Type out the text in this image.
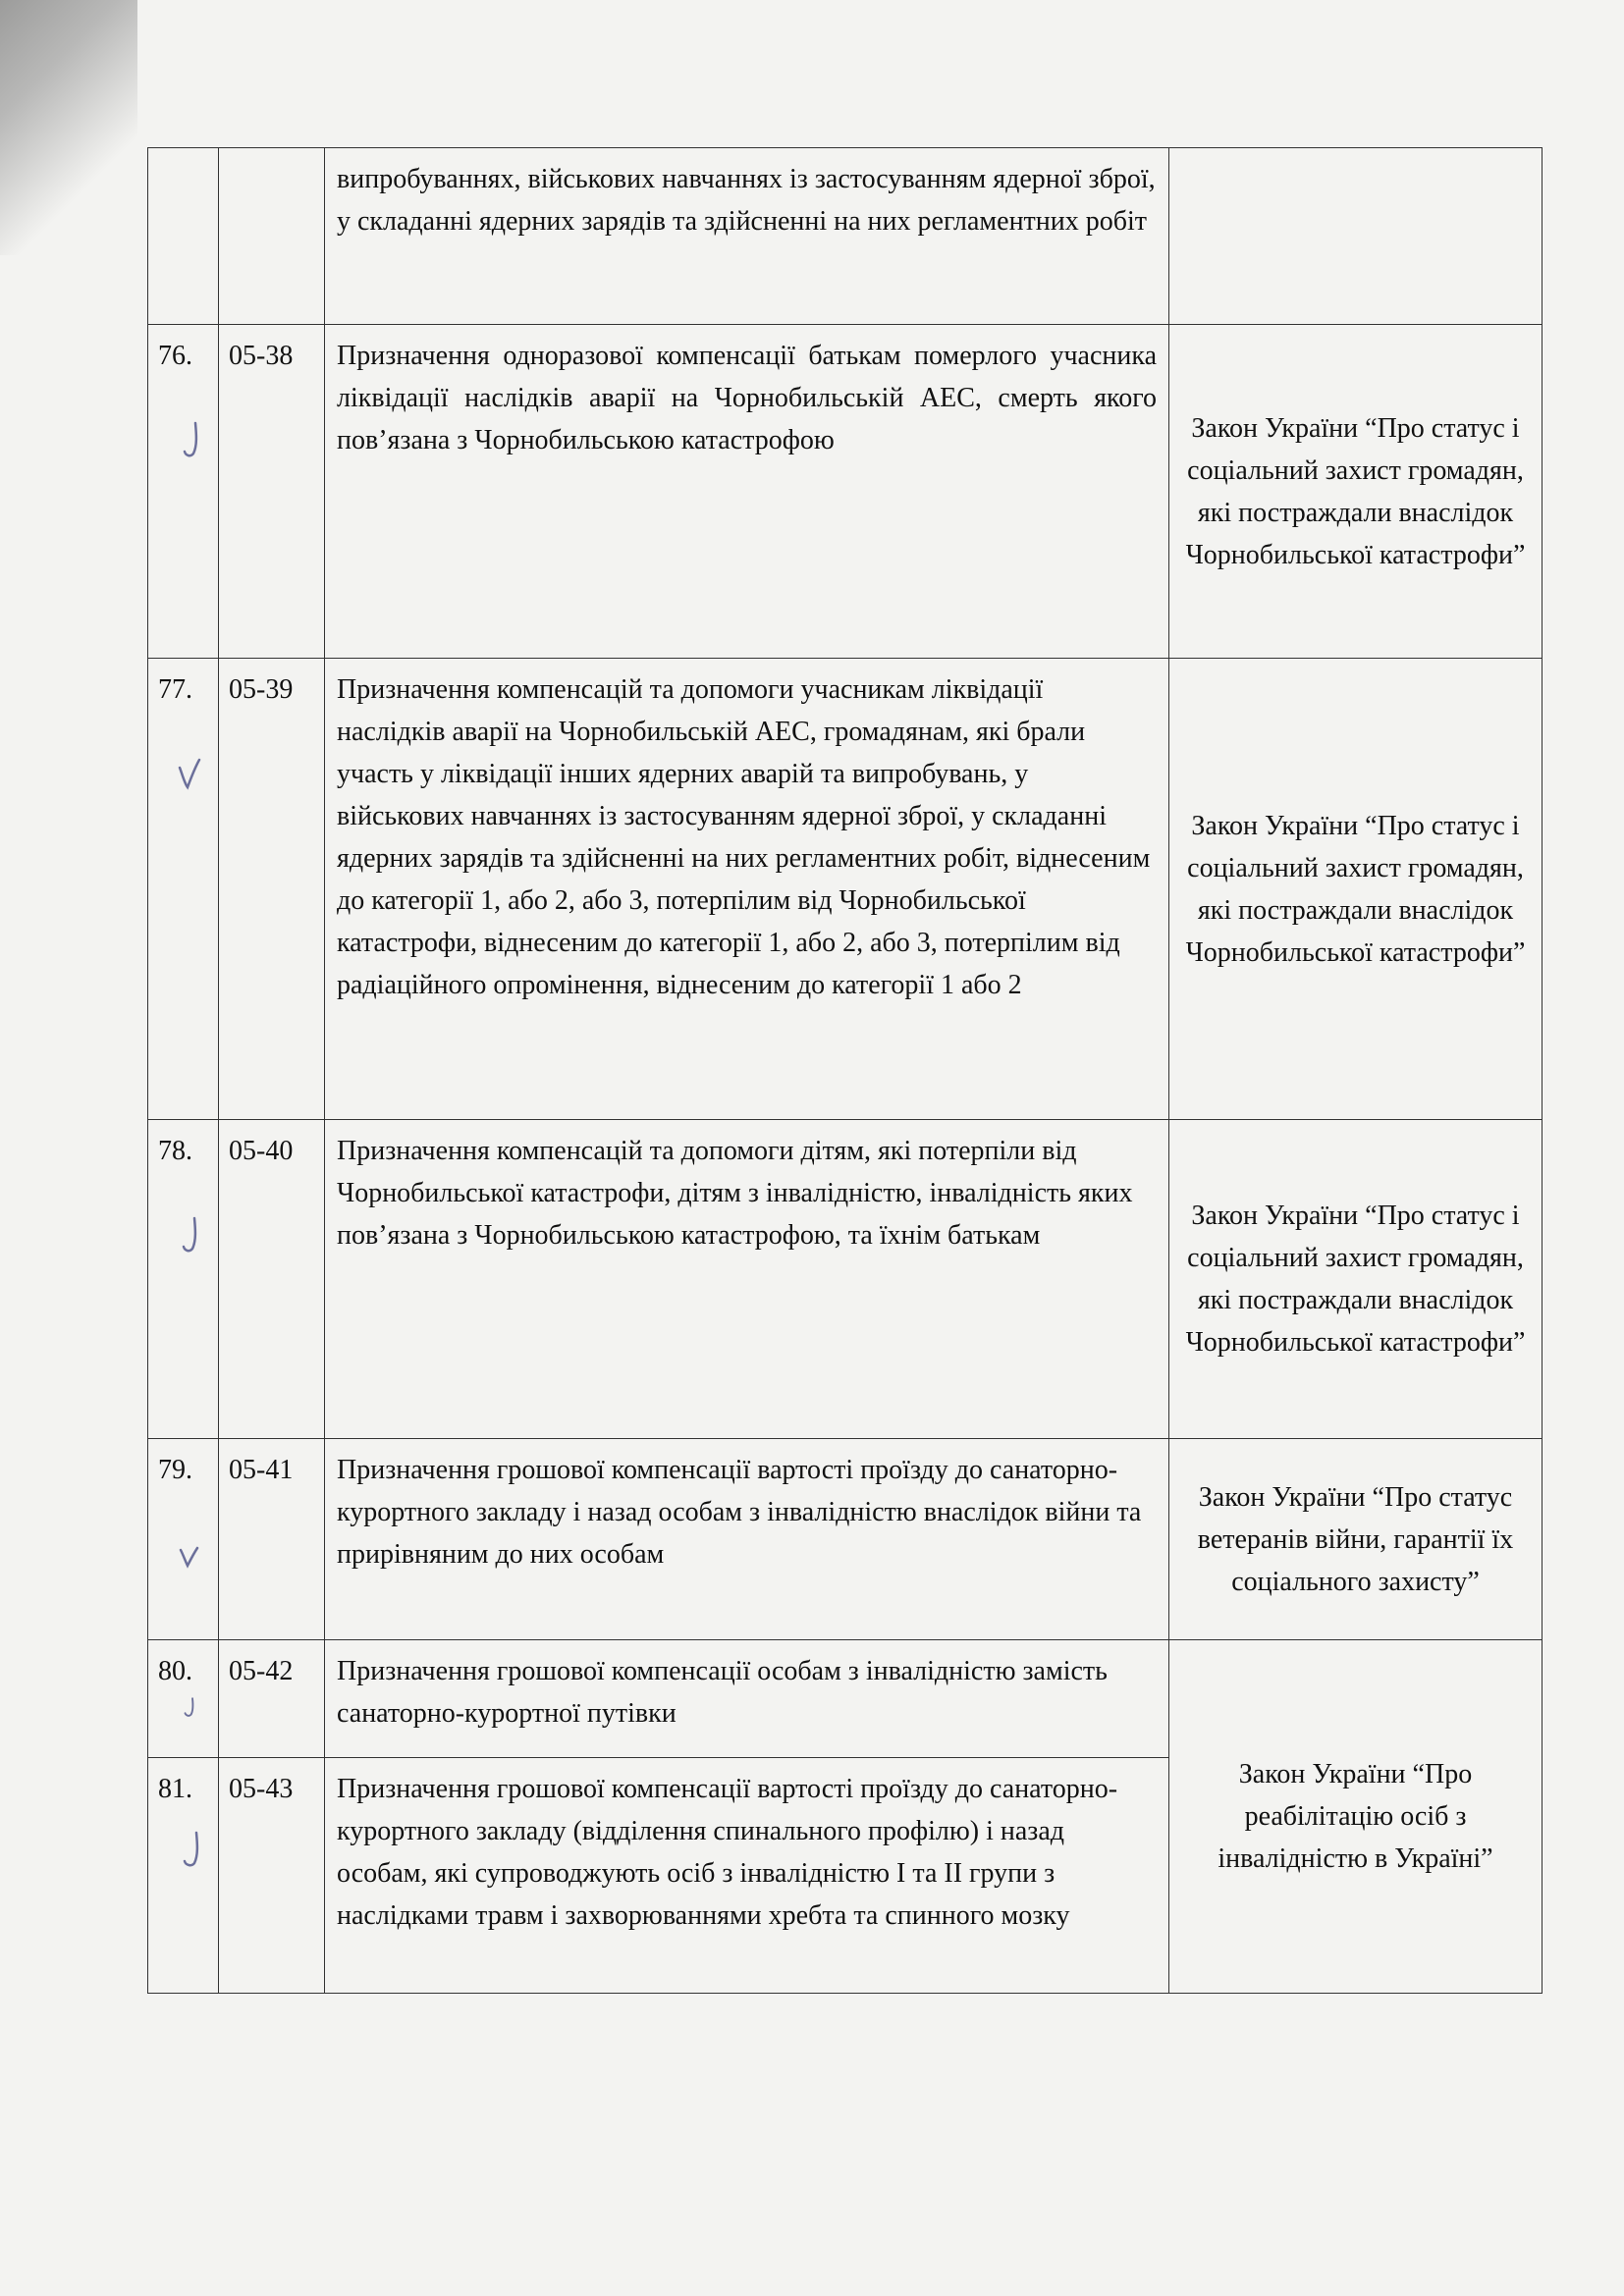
		випробуваннях, військових навчаннях із застосуванням ядерної зброї, у складанні ядерних зарядів та здійсненні на них регламентних робіт	
76.	05-38	Призначення одноразової компенсації батькам померлого учасника ліквідації наслідків аварії на Чорнобильській АЕС, смерть якого пов’язана з Чорнобильською катастрофою	Закон України “Про статус і соціальний захист громадян, які постраждали внаслідок Чорнобильської катастрофи”
77.	05-39	Призначення компенсацій та допомоги учасникам ліквідації наслідків аварії на Чорнобильській АЕС, громадянам, які брали участь у ліквідації інших ядерних аварій та випробувань, у військових навчаннях із застосуванням ядерної зброї, у складанні ядерних зарядів та здійсненні на них регламентних робіт, віднесеним до категорії 1, або 2, або 3, потерпілим від Чорнобильської катастрофи, віднесеним до категорії 1, або 2, або 3, потерпілим від радіаційного опромінення, віднесеним до категорії 1 або 2	Закон України “Про статус і соціальний захист громадян, які постраждали внаслідок Чорнобильської катастрофи”
78.	05-40	Призначення компенсацій та допомоги дітям, які потерпіли від Чорнобильської катастрофи, дітям з інвалідністю, інвалідність яких пов’язана з Чорнобильською катастрофою, та їхнім батькам	Закон України “Про статус і соціальний захист громадян, які постраждали внаслідок Чорнобильської катастрофи”
79.	05-41	Призначення грошової компенсації вартості проїзду до санаторно-курортного закладу і назад особам з інвалідністю внаслідок війни та прирівняним до них особам	Закон України “Про статус ветеранів війни, гарантії їх соціального захисту”
80.	05-42	Призначення грошової компенсації особам з інвалідністю замість санаторно-курортної путівки	Закон України “Про реабілітацію осіб з інвалідністю в Україні”
81.	05-43	Призначення грошової компенсації вартості проїзду до санаторно-курортного закладу (відділення спинального профілю) і назад особам, які супроводжують осіб з інвалідністю I та II групи з наслідками травм і захворюваннями хребта та спинного мозку	
